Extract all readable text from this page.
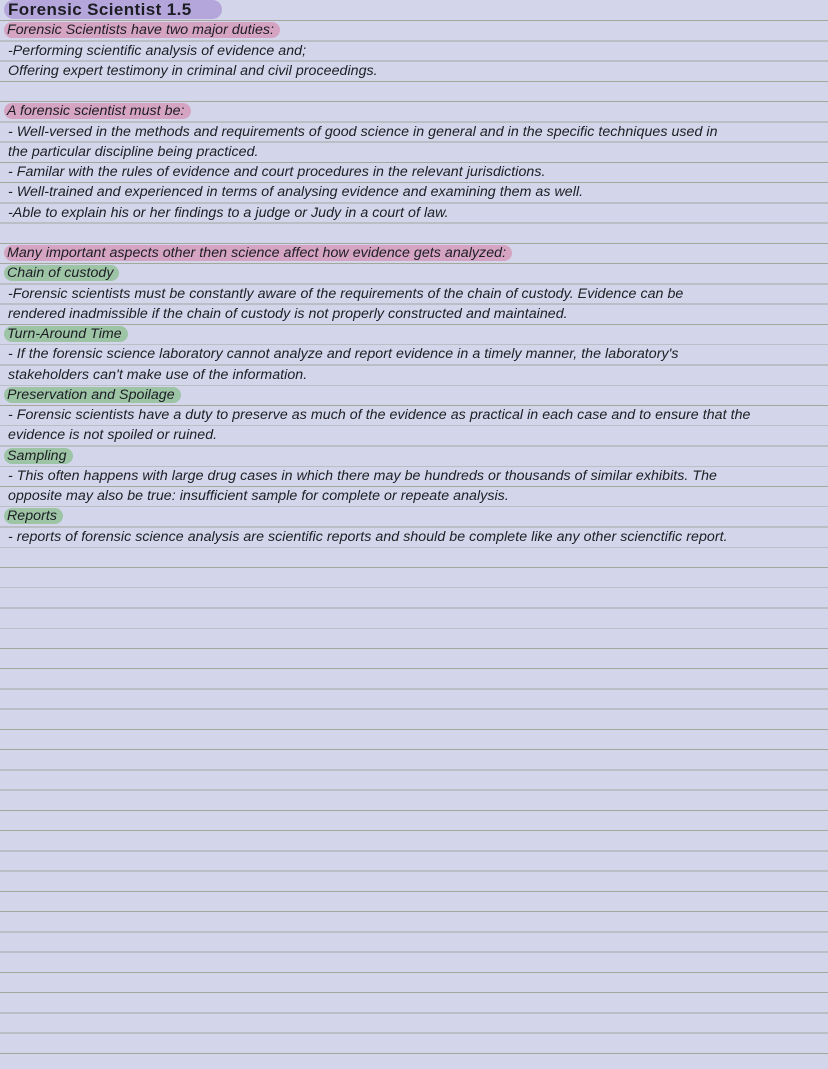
Forensic Scientist 1.5
Forensic Scientists have two major duties:
-Performing scientific analysis of evidence and;
Offering expert testimony in criminal and civil proceedings.
A forensic scientist must be:
- Well-versed in the methods and requirements of good science in general and in the specific techniques used in
the particular discipline being practiced.
- Familar with the rules of evidence and court procedures in the relevant jurisdictions.
- Well-trained and experienced in terms of analysing evidence and examining them as well.
-Able to explain his or her findings to a judge or Judy in a court of law.
Many important aspects other then science affect how evidence gets analyzed:
Chain of custody
-Forensic scientists must be constantly aware of the requirements of the chain of custody. Evidence can be
rendered inadmissible if the chain of custody is not properly constructed and maintained.
Turn-Around Time
- If the forensic science laboratory cannot analyze and report evidence in a timely manner, the laboratory's
stakeholders can't make use of the information.
Preservation and Spoilage
- Forensic scientists have a duty to preserve as much of the evidence as practical in each case and to ensure that the
evidence is not spoiled or ruined.
Sampling
- This often happens with large drug cases in which there may be hundreds or thousands of similar exhibits. The
opposite may also be true: insufficient sample for complete or repeate analysis.
Reports
- reports of forensic science analysis are scientific reports and should be complete like any other scienctific report.
